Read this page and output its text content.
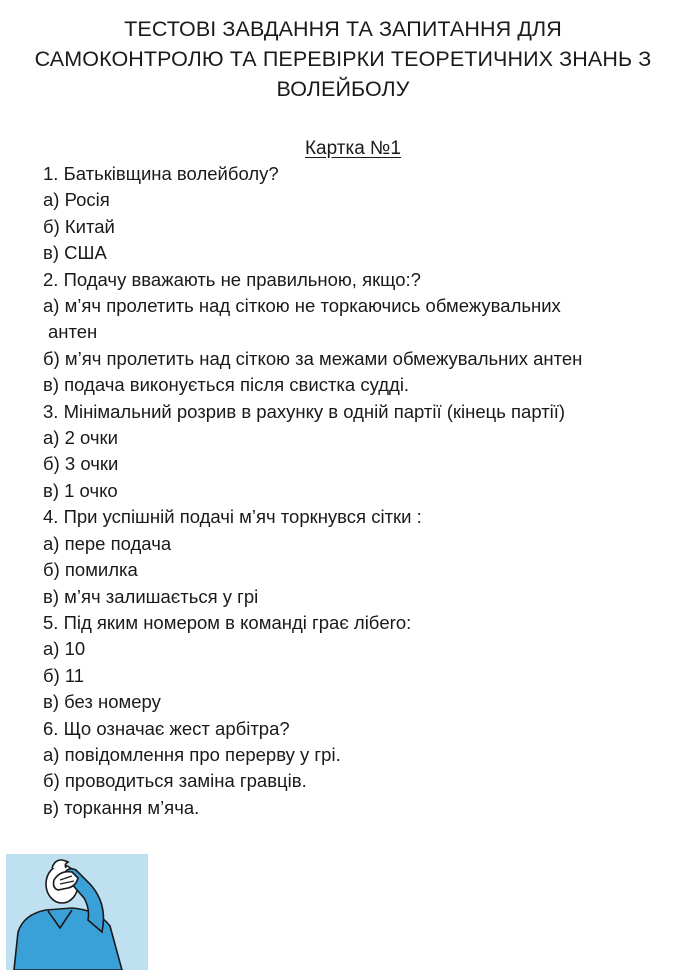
ТЕСТОВІ ЗАВДАННЯ ТА ЗАПИТАННЯ ДЛЯ
САМОКОНТРОЛЮ ТА ПЕРЕВІРКИ ТЕОРЕТИЧНИХ ЗНАНЬ З
ВОЛЕЙБОЛУ
Картка №1
1. Батьківщина волейболу?
а) Росія
б) Китай
в) США
2. Подачу вважають не правильною, якщо:?
а) м’яч пролетить над сіткою не торкаючись обмежувальних
антен
б) м’яч пролетить над сіткою за межами обмежувальних антен
в) подача виконується після свистка судді.
3. Мінімальний розрив в рахунку в одній партії (кінець партії)
а) 2 очки
б) 3 очки
в) 1 очко
4. При успішній подачі м’яч торкнувся сітки :
а) пере подача
б) помилка
в) м’яч залишається у грі
5. Під яким номером в команді грає лібero:
а) 10
б) 11
в) без номеру
6. Що означає жест арбітра?
а) повідомлення про перерву у грі.
б) проводиться заміна гравців.
в) торкання м’яча.
